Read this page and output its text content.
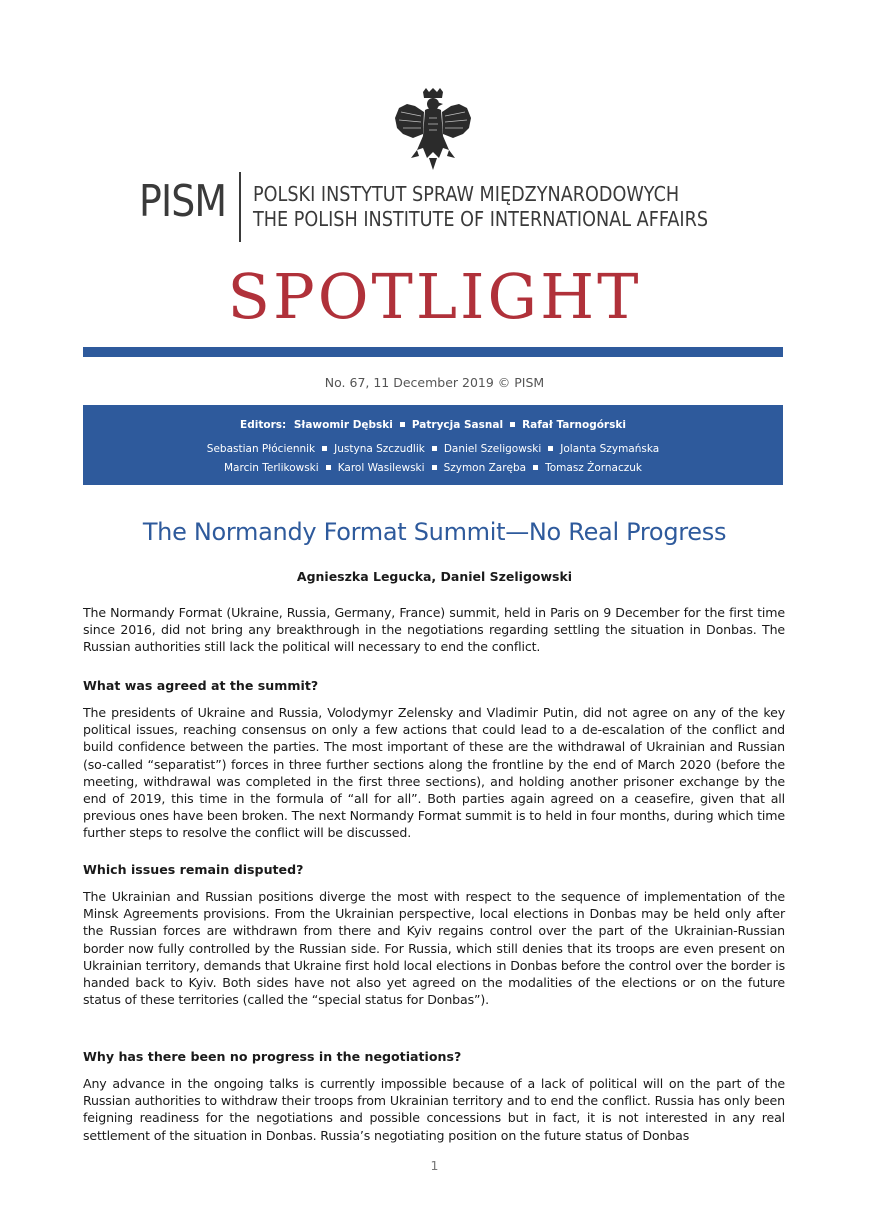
PISM POLSKI INSTYTUT SPRAW MIĘDZYNARODOWYCH
THE POLISH INSTITUTE OF INTERNATIONAL AFFAIRS
SPOTLIGHT
No. 67, 11 December 2019 © PISM
Editors: Sławomir Dębski Patrycja Sasnal Rafał Tarnogórski
Sebastian Płóciennik Justyna Szczudlik Daniel Szeligowski Jolanta Szymańska
Marcin Terlikowski Karol Wasilewski Szymon Zaręba Tomasz Żornaczuk
The Normandy Format Summit—No Real Progress
Agnieszka Legucka, Daniel Szeligowski
The Normandy Format (Ukraine, Russia, Germany, France) summit, held in Paris on 9 December for the first time since 2016, did not bring any breakthrough in the negotiations regarding settling the situation in Donbas. The Russian authorities still lack the political will necessary to end the conflict.
What was agreed at the summit?
The presidents of Ukraine and Russia, Volodymyr Zelensky and Vladimir Putin, did not agree on any of the key political issues, reaching consensus on only a few actions that could lead to a de-escalation of the conflict and build confidence between the parties. The most important of these are the withdrawal of Ukrainian and Russian (so-called “separatist”) forces in three further sections along the frontline by the end of March 2020 (before the meeting, withdrawal was completed in the first three sections), and holding another prisoner exchange by the end of 2019, this time in the formula of “all for all”. Both parties again agreed on a ceasefire, given that all previous ones have been broken. The next Normandy Format summit is to held in four months, during which time further steps to resolve the conflict will be discussed.
Which issues remain disputed?
The Ukrainian and Russian positions diverge the most with respect to the sequence of implementation of the Minsk Agreements provisions. From the Ukrainian perspective, local elections in Donbas may be held only after the Russian forces are withdrawn from there and Kyiv regains control over the part of the Ukrainian-Russian border now fully controlled by the Russian side. For Russia, which still denies that its troops are even present on Ukrainian territory, demands that Ukraine first hold local elections in Donbas before the control over the border is handed back to Kyiv. Both sides have not also yet agreed on the modalities of the elections or on the future status of these territories (called the “special status for Donbas”).
Why has there been no progress in the negotiations?
Any advance in the ongoing talks is currently impossible because of a lack of political will on the part of the Russian authorities to withdraw their troops from Ukrainian territory and to end the conflict. Russia has only been feigning readiness for the negotiations and possible concessions but in fact, it is not interested in any real settlement of the situation in Donbas. Russia’s negotiating position on the future status of Donbas
1
